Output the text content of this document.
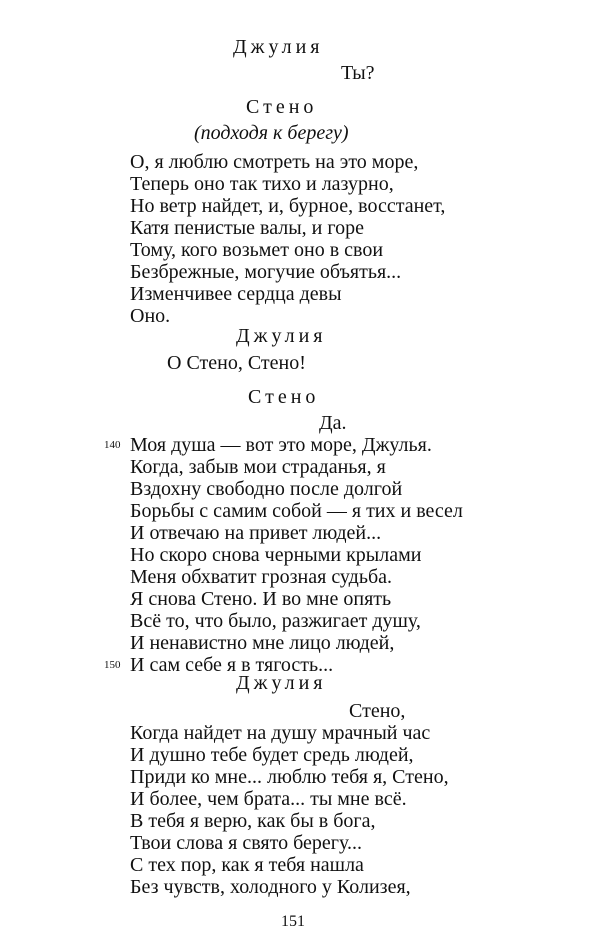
Джулия
Ты?
Стено
(подходя к берегу)
О, я люблю смотреть на это море,
Теперь оно так тихо и лазурно,
Но ветр найдет, и, бурное, восстанет,
Катя пенистые валы, и горе
Тому, кого возьмет оно в свои
Безбрежные, могучие объятья...
Изменчивее сердца девы
Оно.
Джулия
О Стено, Стено!
Стено
Да.
140 Моя душа — вот это море, Джулья.
Когда, забыв мои страданья, я
Вздохну свободно после долгой
Борьбы с самим собой — я тих и весел
И отвечаю на привет людей...
Но скоро снова черными крылами
Меня обхватит грозная судьба.
Я снова Стено. И во мне опять
Всё то, что было, разжигает душу,
И ненавистно мне лицо людей,
150 И сам себе я в тягость...
Джулия
Стено,
Когда найдет на душу мрачный час
И душно тебе будет средь людей,
Приди ко мне... люблю тебя я, Стено,
И более, чем брата... ты мне всё.
В тебя я верю, как бы в бога,
Твои слова я свято берегу...
С тех пор, как я тебя нашла
Без чувств, холодного у Колизея,
151
